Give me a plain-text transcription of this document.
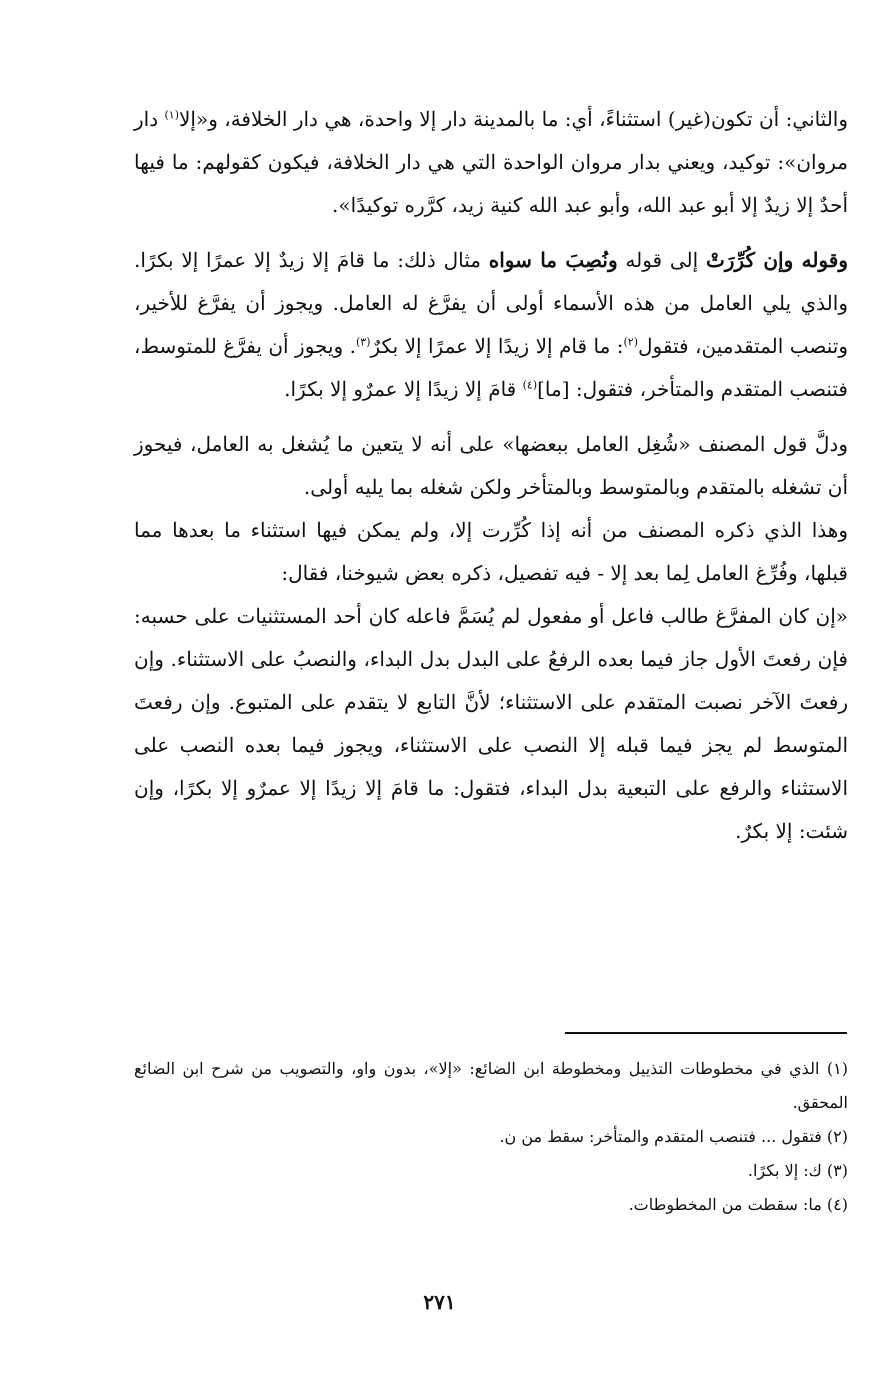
والثاني: أن تكون(غير) استثناءً، أي: ما بالمدينة دار إلا واحدة، هي دار الخلافة، و«إلا$^{(١)}$ دار مروان»: توكيد، ويعني بدار مروان الواحدة التي هي دار الخلافة، فيكون كقولهم: ما فيها أحدٌ إلا زيدٌ إلا أبو عبد الله، وأبو عبد الله كنية زيد، كرَّره توكيدًا».

وقوله وإن كُرِّرَتْ إلى قوله ونُصِبَ ما سواه مثال ذلك: ما قامَ إلا زيدٌ إلا عمرًا إلا بكرًا. والذي يلي العامل من هذه الأسماء أولى أن يفرَّغ له العامل. ويجوز أن يفرَّغ للأخير، وتنصب المتقدمين، فتقول$^{(٢)}$: ما قام إلا زيدًا إلا عمرًا إلا بكرٌ$^{(٣)}$. ويجوز أن يفرَّغ للمتوسط، فتنصب المتقدم والمتأخر، فتقول: [ما]$^{(٤)}$ قامَ إلا زيدًا إلا عمرٌو إلا بكرًا.

ودلَّ قول المصنف «شُغِل العامل ببعضها» على أنه لا يتعين ما يُشغل به العامل، فيحوز أن تشغله بالمتقدم وبالمتوسط وبالمتأخر ولكن شغله بما يليه أولى.

وهذا الذي ذكره المصنف من أنه إذا كُرِّرت إلا، ولم يمكن فيها استثناء ما بعدها مما قبلها، وفُرِّغ العامل لِما بعد إلا - فيه تفصيل، ذكره بعض شيوخنا، فقال:

«إن كان المفرَّغ طالب فاعل أو مفعول لم يُسَمَّ فاعله كان أحد المستثنيات على حسبه: فإن رفعتَ الأول جاز فيما بعده الرفعُ على البدل بدل البداء، والنصبُ على الاستثناء. وإن رفعتَ الآخر نصبت المتقدم على الاستثناء؛ لأنَّ التابع لا يتقدم على المتبوع. وإن رفعتَ المتوسط لم يجز فيما قبله إلا النصب على الاستثناء، ويجوز فيما بعده النصب على الاستثناء والرفع على التبعية بدل البداء، فتقول: ما قامَ إلا زيدًا إلا عمرٌو إلا بكرًا، وإن شئت: إلا بكرٌ.

(١) الذي في مخطوطات التذييل ومخطوطة ابن الضائع: «إلا»، بدون واو، والتصويب من شرح ابن الضائع المحقق.

(٢) فتقول ... فتنصب المتقدم والمتأخر: سقط من ن.

(٣) ك: إلا بكرًا.

(٤) ما: سقطت من المخطوطات.

٢٧١
